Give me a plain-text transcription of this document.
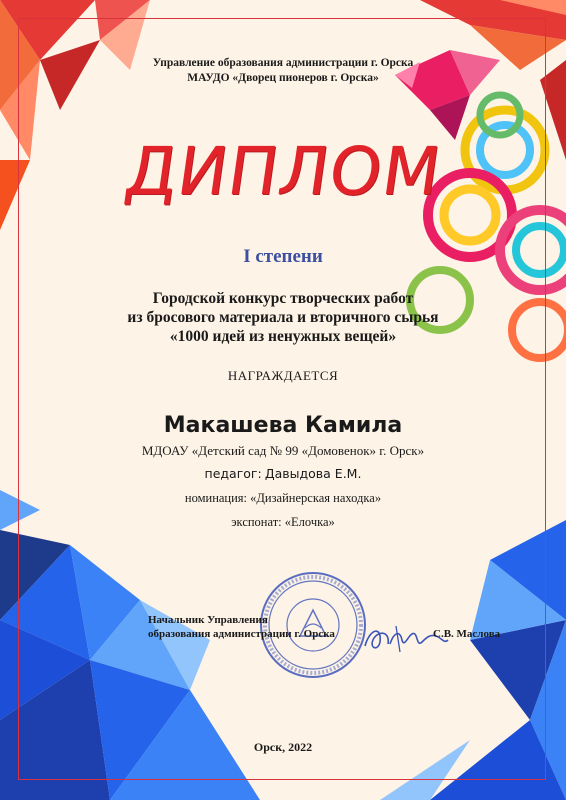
Управление образования администрации г. Орска
МАУДО «Дворец пионеров г. Орска»
ДИПЛОМ
I степени
Городской конкурс творческих работ
из бросового материала и вторичного сырья
«1000 идей из ненужных вещей»
НАГРАЖДАЕТСЯ
Макашева Камила
МДОАУ «Детский сад № 99 «Домовенок» г. Орск»
педагог: Давыдова Е.М.
номинация: «Дизайнерская находка»
экспонат: «Елочка»
Начальник Управления
образования администрации г. Орска	С.В. Маслова
Орск, 2022
